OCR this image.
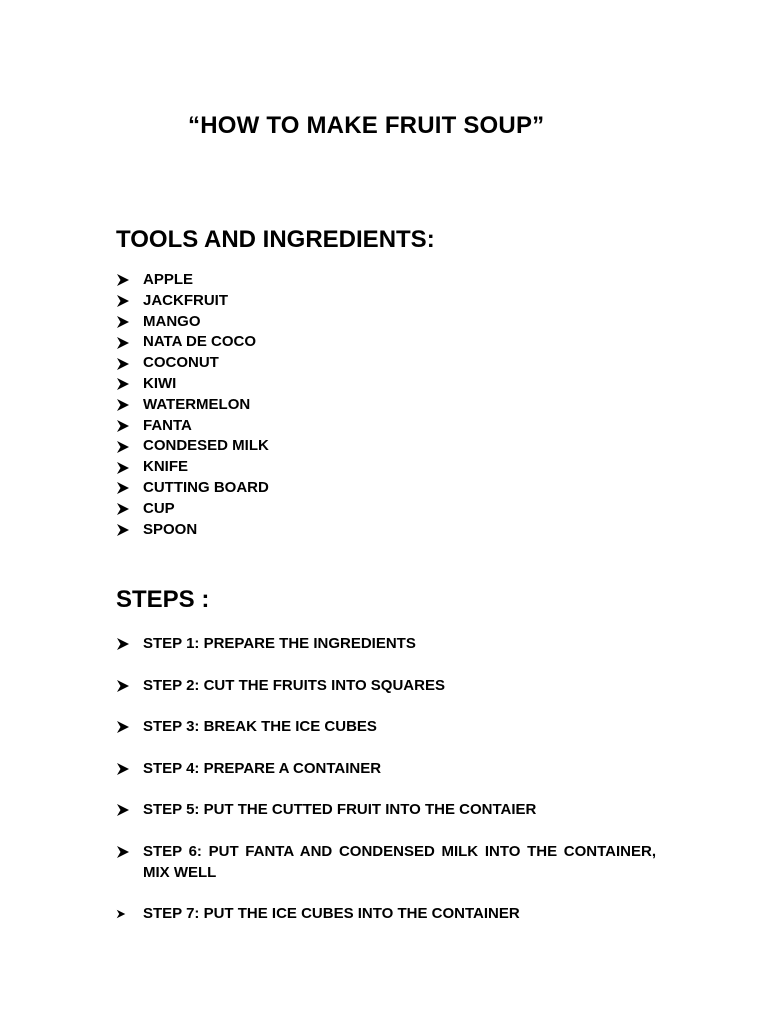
“HOW TO MAKE FRUIT SOUP”
TOOLS AND INGREDIENTS:
APPLE
JACKFRUIT
MANGO
NATA DE COCO
COCONUT
KIWI
WATERMELON
FANTA
CONDESED MILK
KNIFE
CUTTING BOARD
CUP
SPOON
STEPS :
STEP 1: PREPARE THE INGREDIENTS
STEP 2: CUT THE FRUITS INTO SQUARES
STEP 3: BREAK THE ICE CUBES
STEP 4: PREPARE A CONTAINER
STEP 5: PUT THE CUTTED FRUIT INTO THE CONTAIER
STEP 6: PUT FANTA AND CONDENSED MILK INTO THE CONTAINER, MIX WELL
STEP 7: PUT THE ICE CUBES INTO THE CONTAINER
